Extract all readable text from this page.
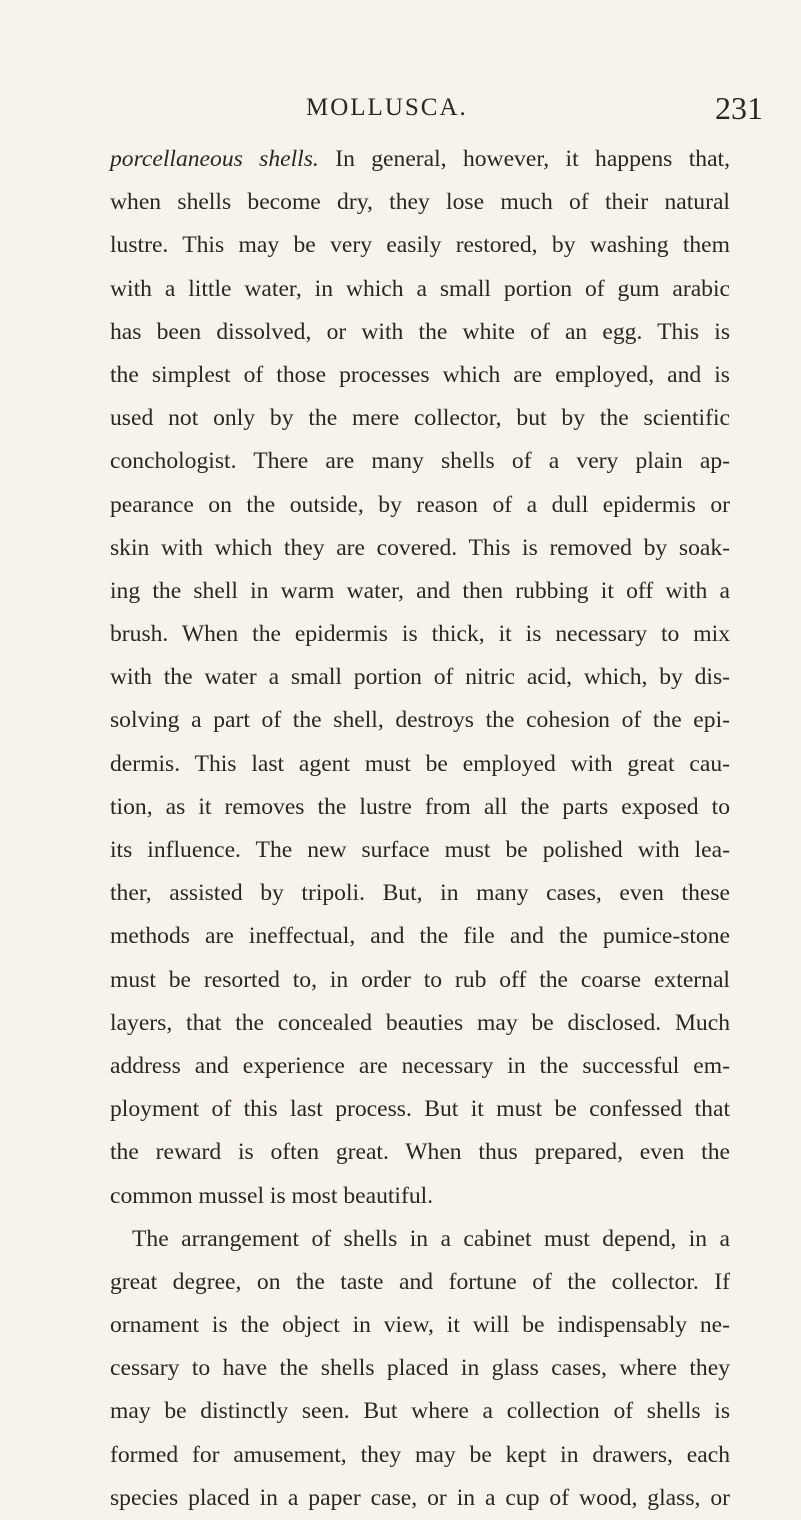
MOLLUSCA.	231
porcellaneous shells. In general, however, it happens that,
when shells become dry, they lose much of their natural
lustre. This may be very easily restored, by washing them
with a little water, in which a small portion of gum arabic
has been dissolved, or with the white of an egg. This is
the simplest of those processes which are employed, and is
used not only by the mere collector, but by the scientific
conchologist. There are many shells of a very plain ap-
pearance on the outside, by reason of a dull epidermis or
skin with which they are covered. This is removed by soak-
ing the shell in warm water, and then rubbing it off with a
brush. When the epidermis is thick, it is necessary to mix
with the water a small portion of nitric acid, which, by dis-
solving a part of the shell, destroys the cohesion of the epi-
dermis. This last agent must be employed with great cau-
tion, as it removes the lustre from all the parts exposed to
its influence. The new surface must be polished with lea-
ther, assisted by tripoli. But, in many cases, even these
methods are ineffectual, and the file and the pumice-stone
must be resorted to, in order to rub off the coarse external
layers, that the concealed beauties may be disclosed. Much
address and experience are necessary in the successful em-
ployment of this last process. But it must be confessed that
the reward is often great. When thus prepared, even the
common mussel is most beautiful.
The arrangement of shells in a cabinet must depend, in a
great degree, on the taste and fortune of the collector. If
ornament is the object in view, it will be indispensably ne-
cessary to have the shells placed in glass cases, where they
may be distinctly seen. But where a collection of shells is
formed for amusement, they may be kept in drawers, each
species placed in a paper case, or in a cup of wood, glass, or
